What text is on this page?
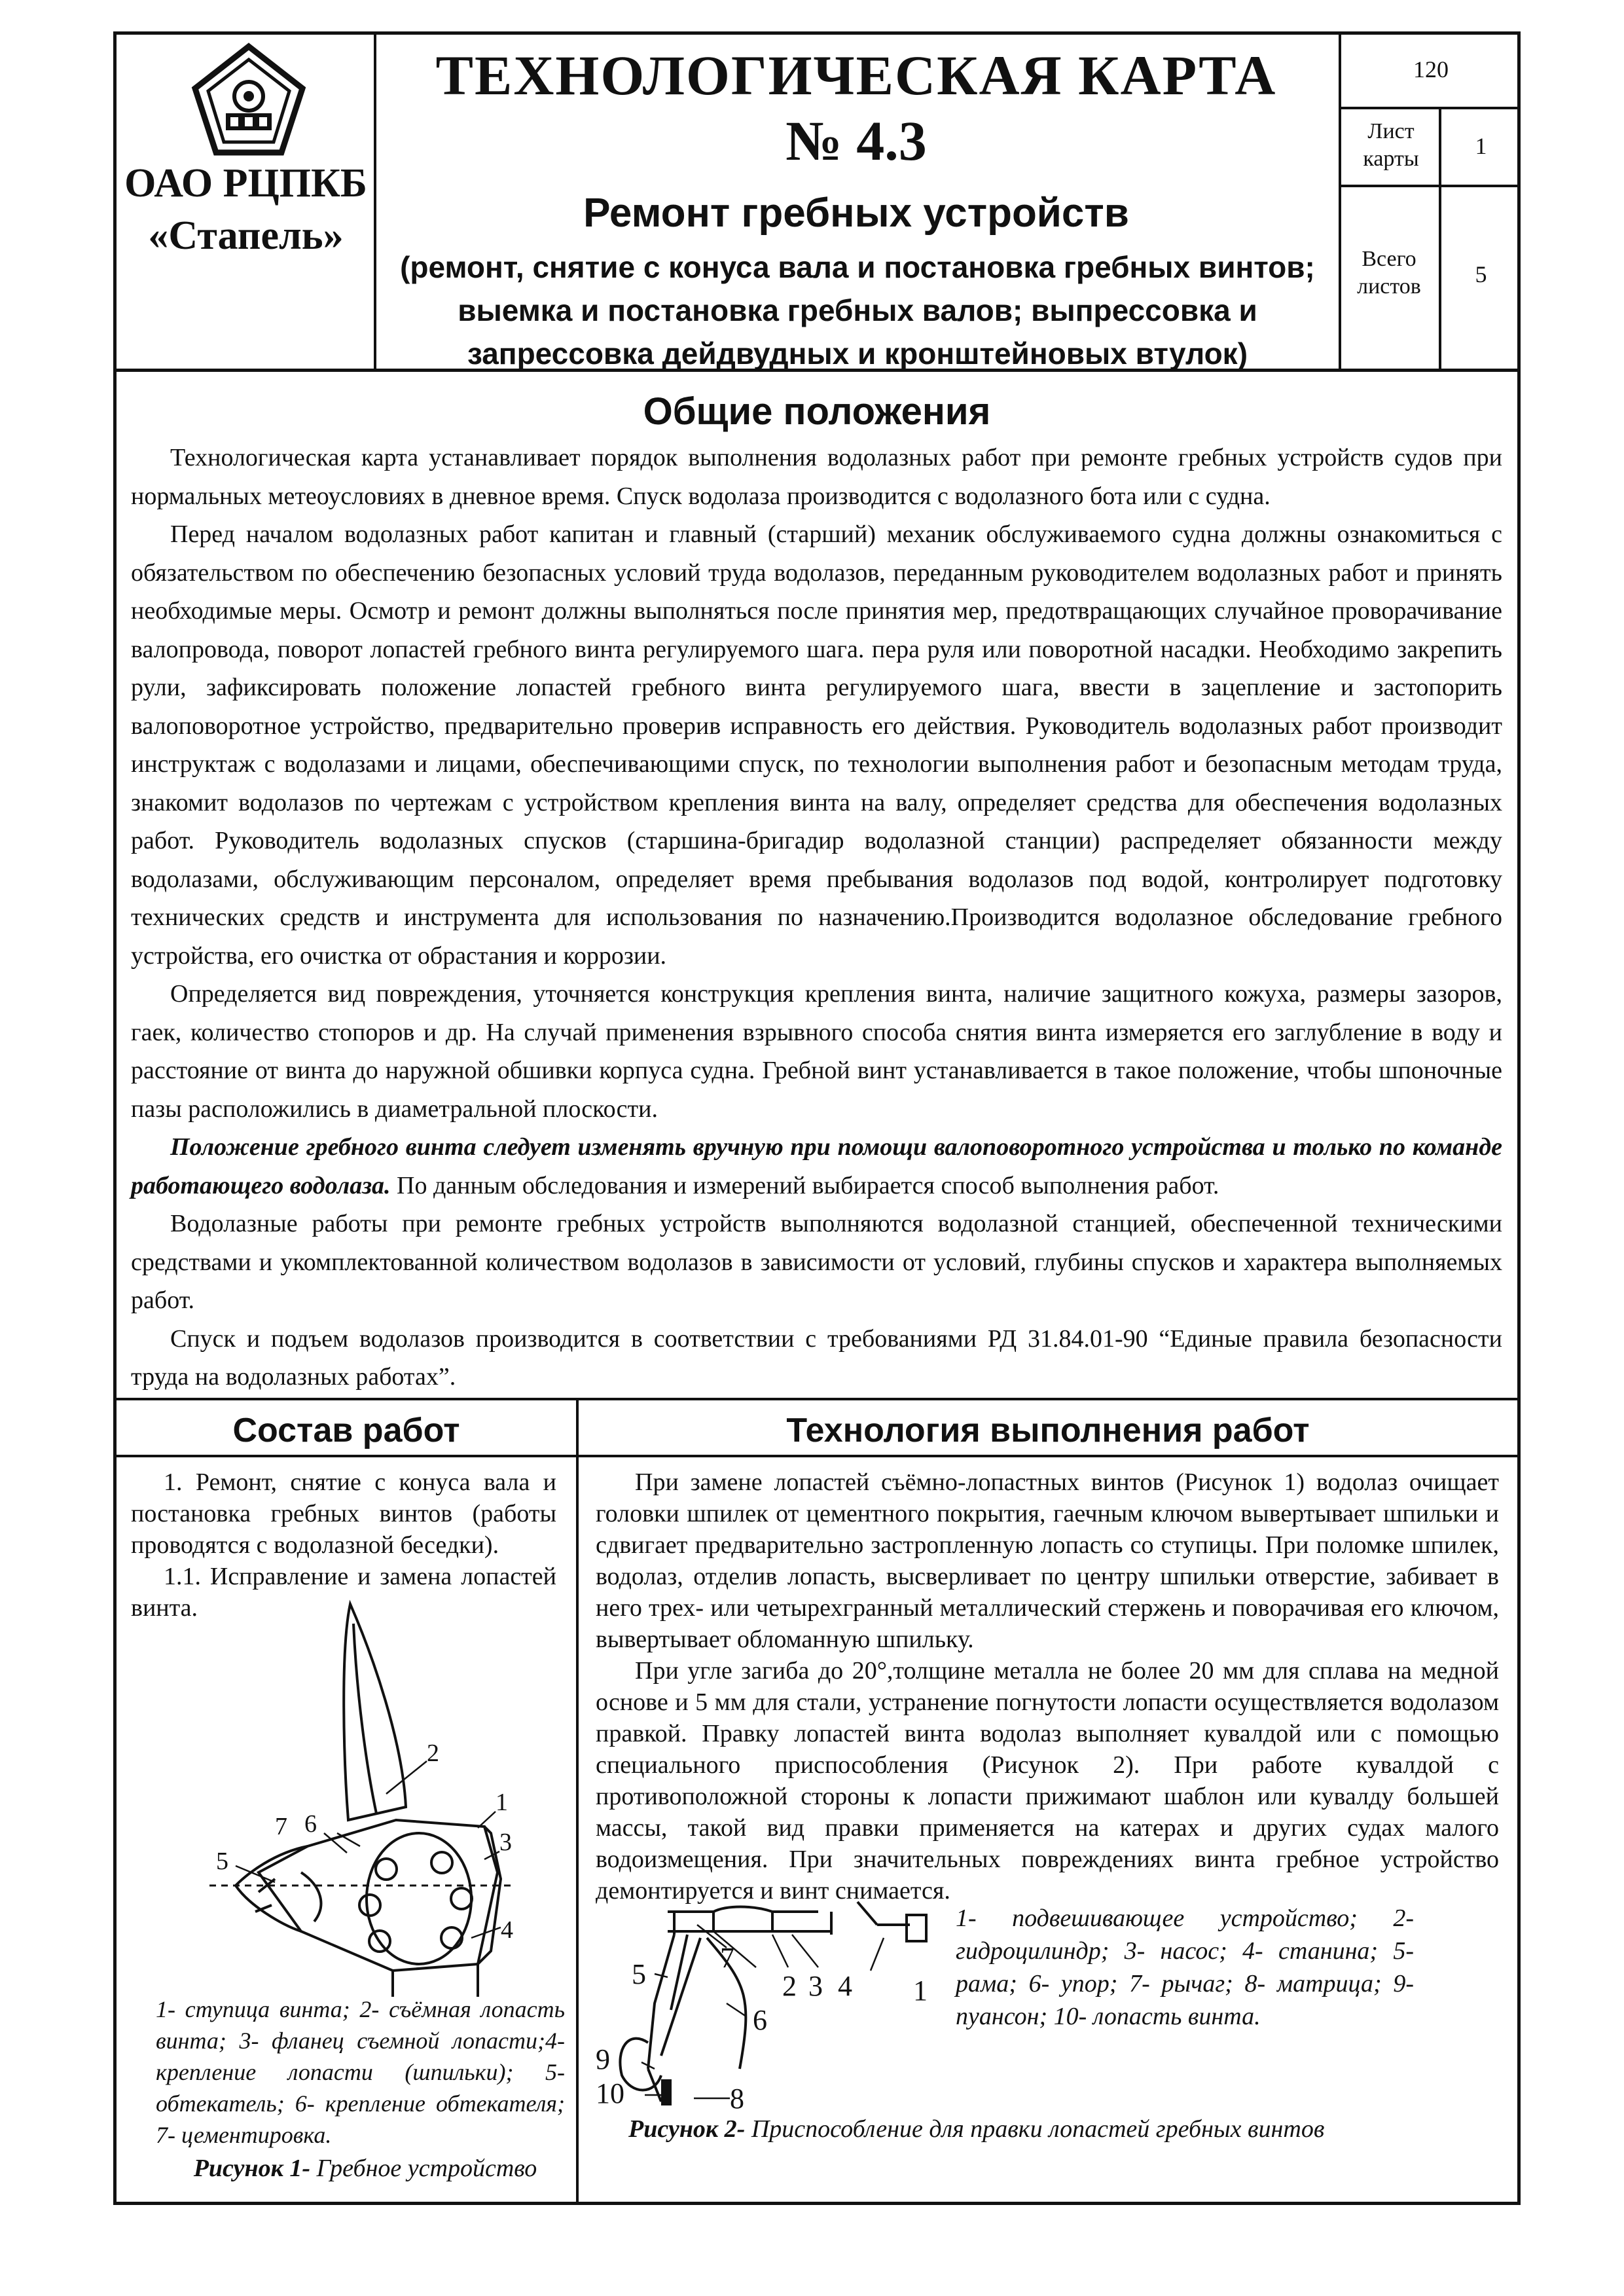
ОАО РЦПКБ
«Стапель»
ТЕХНОЛОГИЧЕСКАЯ КАРТА
№ 4.3
Ремонт гребных устройств
(ремонт, снятие с конуса вала и постановка гребных винтов; выемка и постановка гребных валов; выпрессовка и запрессовка дейдвудных и кронштейновых втулок)
120
Лист карты	1
Всего листов	5
Общие положения

Технологическая карта устанавливает порядок выполнения водолазных работ при ремонте гребных устройств судов при нормальных метеоусловиях в дневное время. Спуск водолаза производится с водолазного бота или с судна.

Перед началом водолазных работ капитан и главный (старший) механик обслуживаемого судна должны ознакомиться с обязательством по обеспечению безопасных условий труда водолазов, переданным руководителем водолазных работ и принять необходимые меры. Осмотр и ремонт должны выполняться после принятия мер, предотвращающих случайное проворачивание валопровода, поворот лопастей гребного винта регулируемого шага. пера руля или поворотной насадки. Необходимо закрепить рули, зафиксировать положение лопастей гребного винта регулируемого шага, ввести в зацепление и застопорить валоповоротное устройство, предварительно проверив исправность его действия. Руководитель водолазных работ производит инструктаж с водолазами и лицами, обеспечивающими спуск, по технологии выполнения работ и безопасным методам труда, знакомит водолазов по чертежам с устройством крепления винта на валу, определяет средства для обеспечения водолазных работ. Руководитель водолазных спусков (старшина-бригадир водолазной станции) распределяет обязанности между водолазами, обслуживающим персоналом, определяет время пребывания водолазов под водой, контролирует подготовку технических средств и инструмента для использования по назначению.Производится водолазное обследование гребного устройства, его очистка от обрастания и коррозии.

Определяется вид повреждения, уточняется конструкция крепления винта, наличие защитного кожуха, размеры зазоров, гаек, количество стопоров и др. На случай применения взрывного способа снятия винта измеряется его заглубление в воду и расстояние от винта до наружной обшивки корпуса судна. Гребной винт устанавливается в такое положение, чтобы шпоночные пазы расположились в диаметральной плоскости.

Положение гребного винта следует изменять вручную при помощи валоповоротного устройства и только по команде работающего водолаза. По данным обследования и измерений выбирается способ выполнения работ.

Водолазные работы при ремонте гребных устройств выполняются водолазной станцией, обеспеченной техническими средствами и укомплектованной количеством водолазов в зависимости от условий, глубины спусков и характера выполняемых работ.

Спуск и подъем водолазов производится в соответствии с требованиями РД 31.84.01-90 “Единые правила безопасности труда на водолазных работах”.

Состав работ	Технология выполнения работ

1. Ремонт, снятие с конуса вала и постановка гребных винтов (работы проводятся с водолазной беседки).

1.1. Исправление и замена лопастей винта.

2
1
3
4
5
6
7
1- ступица винта; 2- съёмная лопасть винта; 3- фланец съемной лопасти;4- крепление лопасти (шпильки); 5- обтекатель; 6- крепление обтекателя; 7- цементировка.
Рисунок 1- Гребное устройство

При замене лопастей съёмно-лопастных винтов (Рисунок 1) водолаз очищает головки шпилек от цементного покрытия, гаечным ключом вывертывает шпильки и сдвигает предварительно застропленную лопасть со ступицы. При поломке шпилек, водолаз, отделив лопасть, высверливает по центру шпильки отверстие, забивает в него трех- или четырехгранный металлический стержень и поворачивая его ключом, вывертывает обломанную шпильку.

При угле загиба до 20°,толщине металла не более 20 мм для сплава на медной основе и 5 мм для стали, устранение погнутости лопасти осуществляется водолазом правкой. Правку лопастей винта водолаз выполняет кувалдой или с помощью специального приспособления (Рисунок 2). При работе кувалдой с противоположной стороны к лопасти прижимают шаблон или кувалду большей массы, такой вид правки применяется на катерах и других судах малого водоизмещения. При значительных повреждениях винта гребное устройство демонтируется и винт снимается.

1
2 3 4
5
6
7
8
9
10
1- подвешивающее устройство; 2- гидроцилиндр; 3- насос; 4- станина; 5- рама; 6- упор; 7- рычаг; 8- матрица; 9- пуансон; 10- лопасть винта.
Рисунок 2- Приспособление для правки лопастей гребных винтов
